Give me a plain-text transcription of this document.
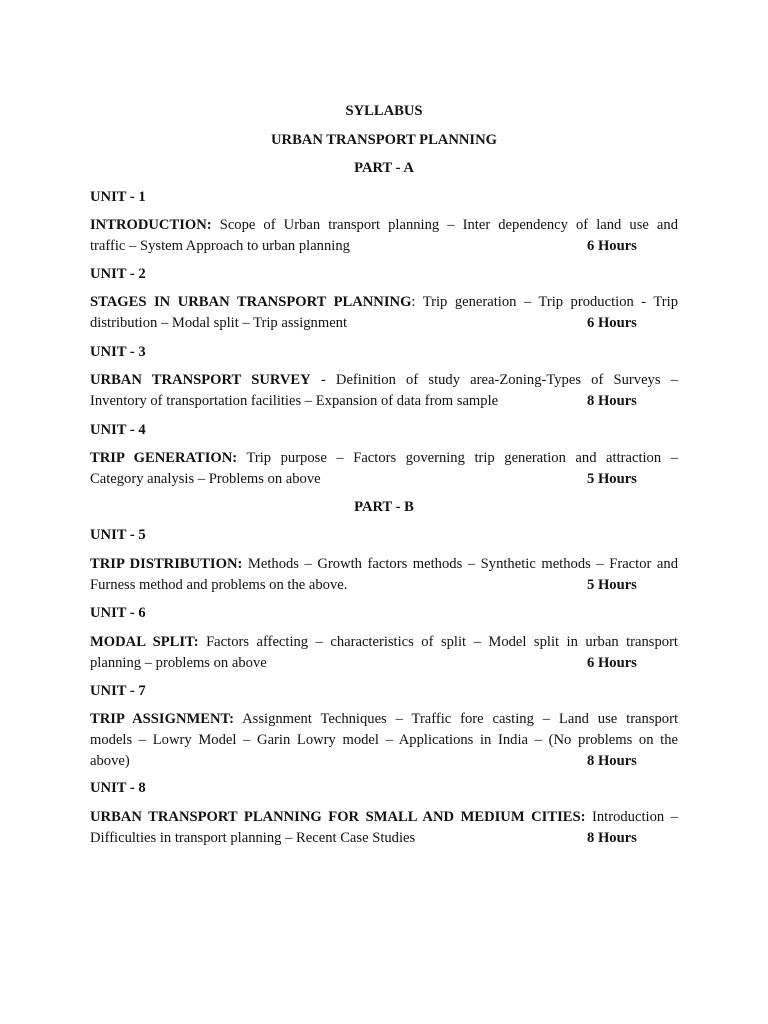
SYLLABUS
URBAN TRANSPORT PLANNING
PART - A
UNIT - 1
INTRODUCTION: Scope of Urban transport planning – Inter dependency of land use and
traffic – System Approach to urban planning	6 Hours
UNIT - 2
STAGES IN URBAN TRANSPORT PLANNING: Trip generation – Trip production - Trip
distribution – Modal split – Trip assignment	6 Hours
UNIT - 3
URBAN TRANSPORT SURVEY - Definition of study area-Zoning-Types of Surveys –
Inventory of transportation facilities – Expansion of data from sample	8 Hours
UNIT - 4
TRIP GENERATION: Trip purpose – Factors governing trip generation and attraction –
Category analysis – Problems on above	5 Hours
PART - B
UNIT - 5
TRIP DISTRIBUTION: Methods – Growth factors methods – Synthetic methods – Fractor and
Furness method and problems on the above.	5 Hours
UNIT - 6
MODAL SPLIT: Factors affecting – characteristics of split – Model split in urban transport
planning – problems on above	6 Hours
UNIT - 7
TRIP ASSIGNMENT: Assignment Techniques – Traffic fore casting – Land use transport
models – Lowry Model – Garin Lowry model – Applications in India – (No problems on the
above)	8 Hours
UNIT - 8
URBAN TRANSPORT PLANNING FOR SMALL AND MEDIUM CITIES: Introduction –
Difficulties in transport planning – Recent Case Studies	8 Hours
